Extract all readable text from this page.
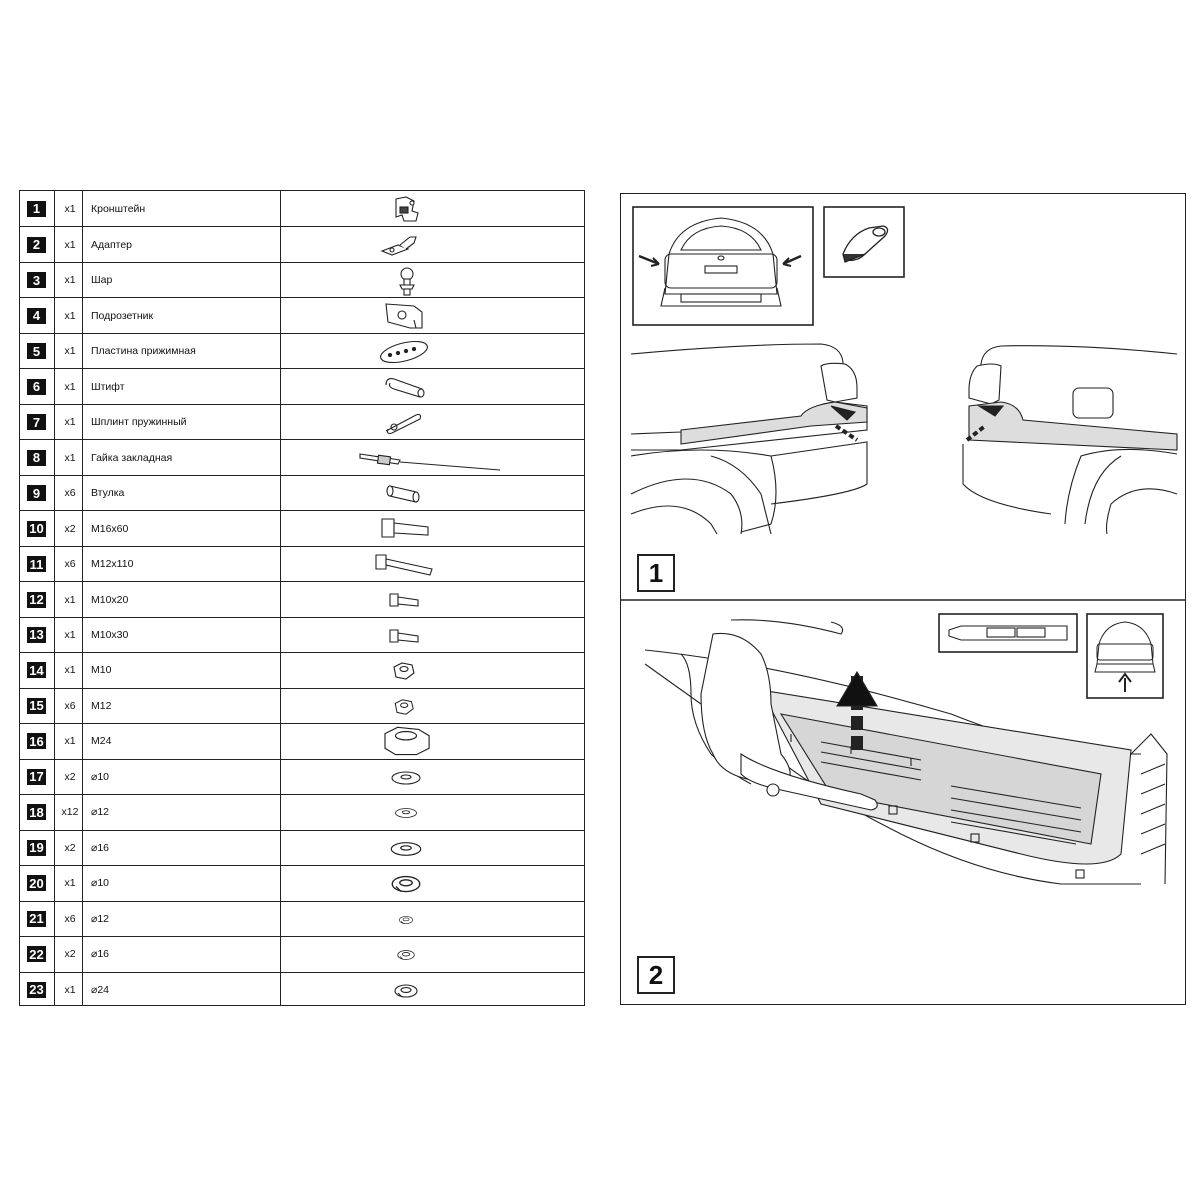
1	x1	Кронштейн
2	x1	Адаптер
3	x1	Шар
4	x1	Подрозетник
5	x1	Пластина прижимная
6	x1	Штифт
7	x1	Шплинт пружинный
8	x1	Гайка закладная
9	x6	Втулка
10	x2	M16x60
11	x6	M12x110
12	x1	M10x20
13	x1	M10x30
14	x1	M10
15	x6	M12
16	x1	M24
17	x2	⌀10
18	x12	⌀12
19	x2	⌀16
20	x1	⌀10
21	x6	⌀12
22	x2	⌀16
23	x1	⌀24
1
2
